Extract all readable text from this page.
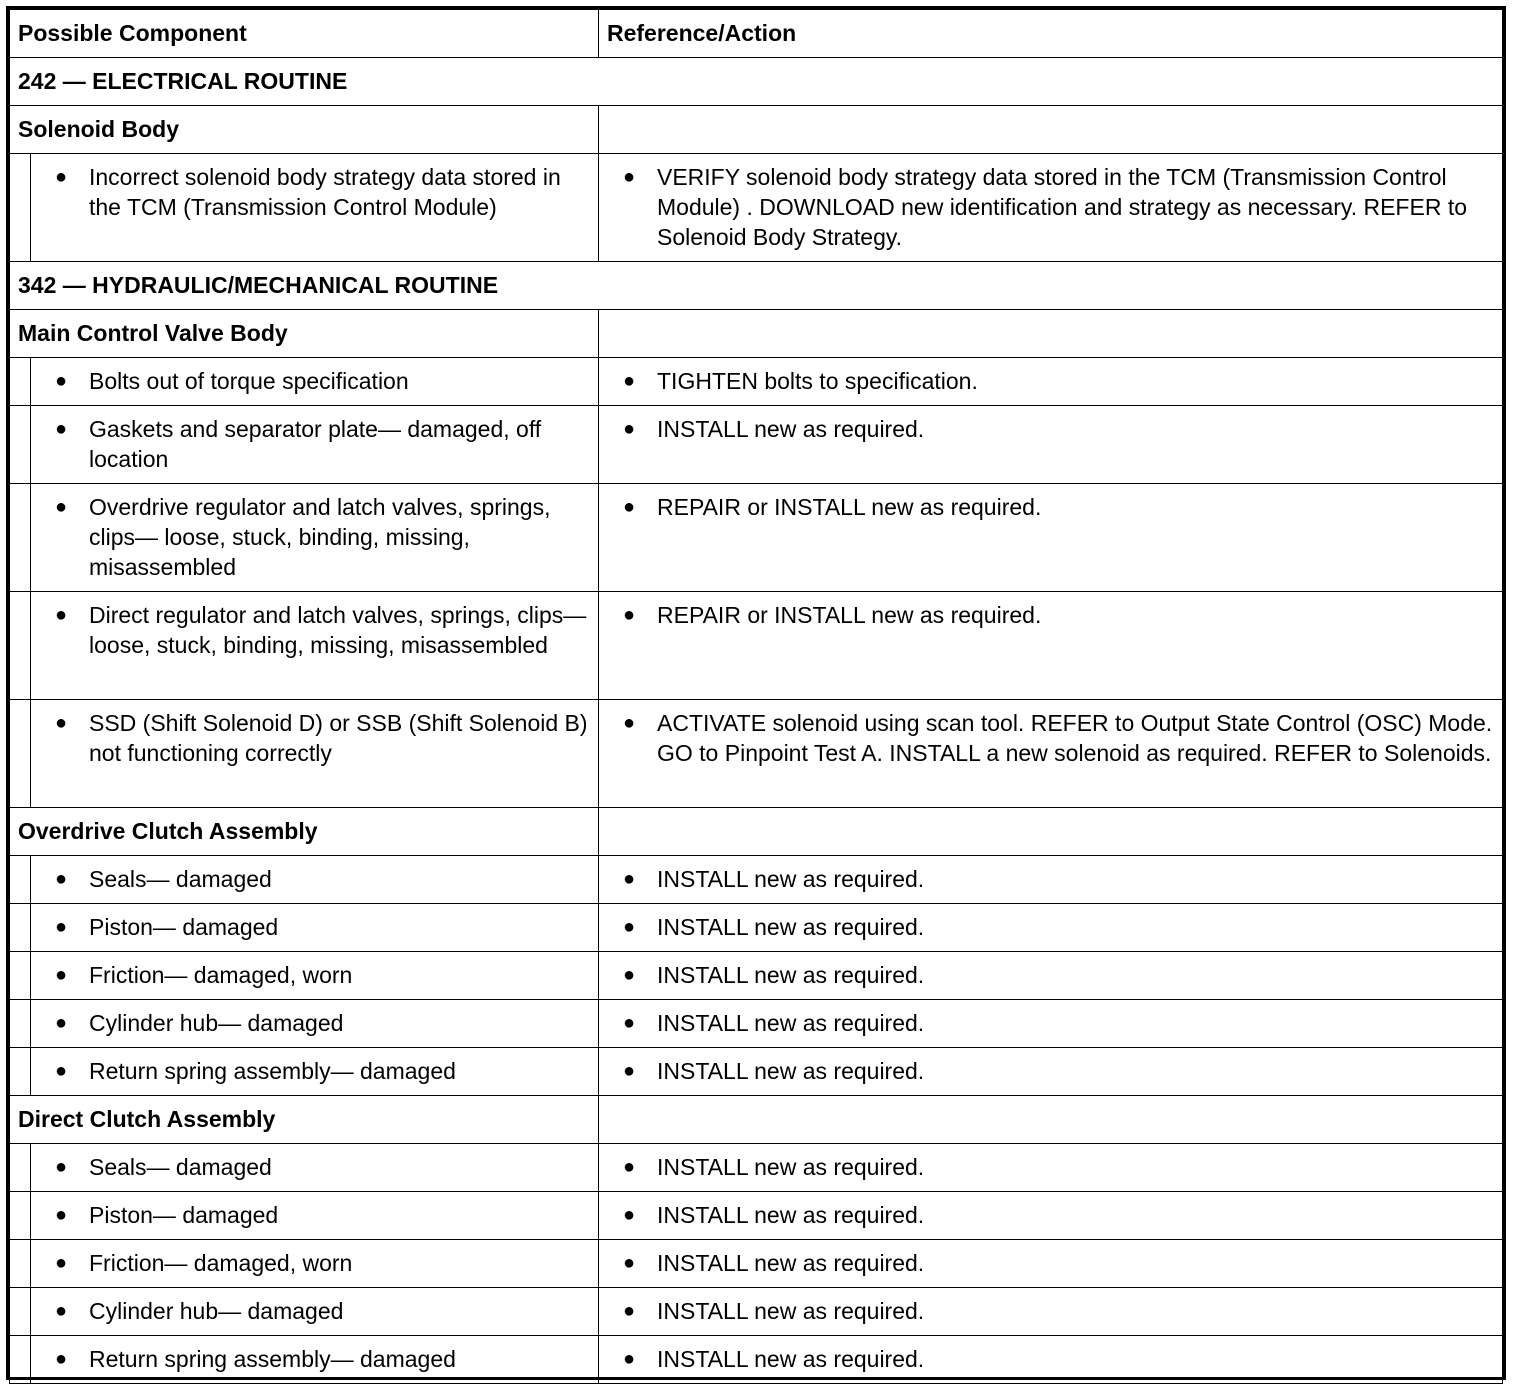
Possible Component		Reference/Action
242 — ELECTRICAL ROUTINE		
Solenoid Body		

	● Incorrect solenoid body strategy data stored in the TCM (Transmission Control Module)	● VERIFY solenoid body strategy data stored in the TCM (Transmission Control Module) . DOWNLOAD new identification and strategy as necessary. REFER to Solenoid Body Strategy.

342 — HYDRAULIC/MECHANICAL ROUTINE		
Main Control Valve Body		

	● Bolts out of torque specification	● TIGHTEN bolts to specification.

	● Gaskets and separator plate— damaged, off location	● INSTALL new as required.

	● Overdrive regulator and latch valves, springs, clips— loose, stuck, binding, missing, misassembled	● REPAIR or INSTALL new as required.

	● Direct regulator and latch valves, springs, clips— loose, stuck, binding, missing, misassembled	● REPAIR or INSTALL new as required.

	● SSD (Shift Solenoid D) or SSB (Shift Solenoid B) not functioning correctly	● ACTIVATE solenoid using scan tool. REFER to Output State Control (OSC) Mode. GO to Pinpoint Test A. INSTALL a new solenoid as required. REFER to Solenoids.

Overdrive Clutch Assembly		

	● Seals— damaged	● INSTALL new as required.

	● Piston— damaged	● INSTALL new as required.

	● Friction— damaged, worn	● INSTALL new as required.

	● Cylinder hub— damaged	● INSTALL new as required.

	● Return spring assembly— damaged	● INSTALL new as required.

Direct Clutch Assembly		

	● Seals— damaged	● INSTALL new as required.

	● Piston— damaged	● INSTALL new as required.

	● Friction— damaged, worn	● INSTALL new as required.

	● Cylinder hub— damaged	● INSTALL new as required.

	● Return spring assembly— damaged	● INSTALL new as required.
